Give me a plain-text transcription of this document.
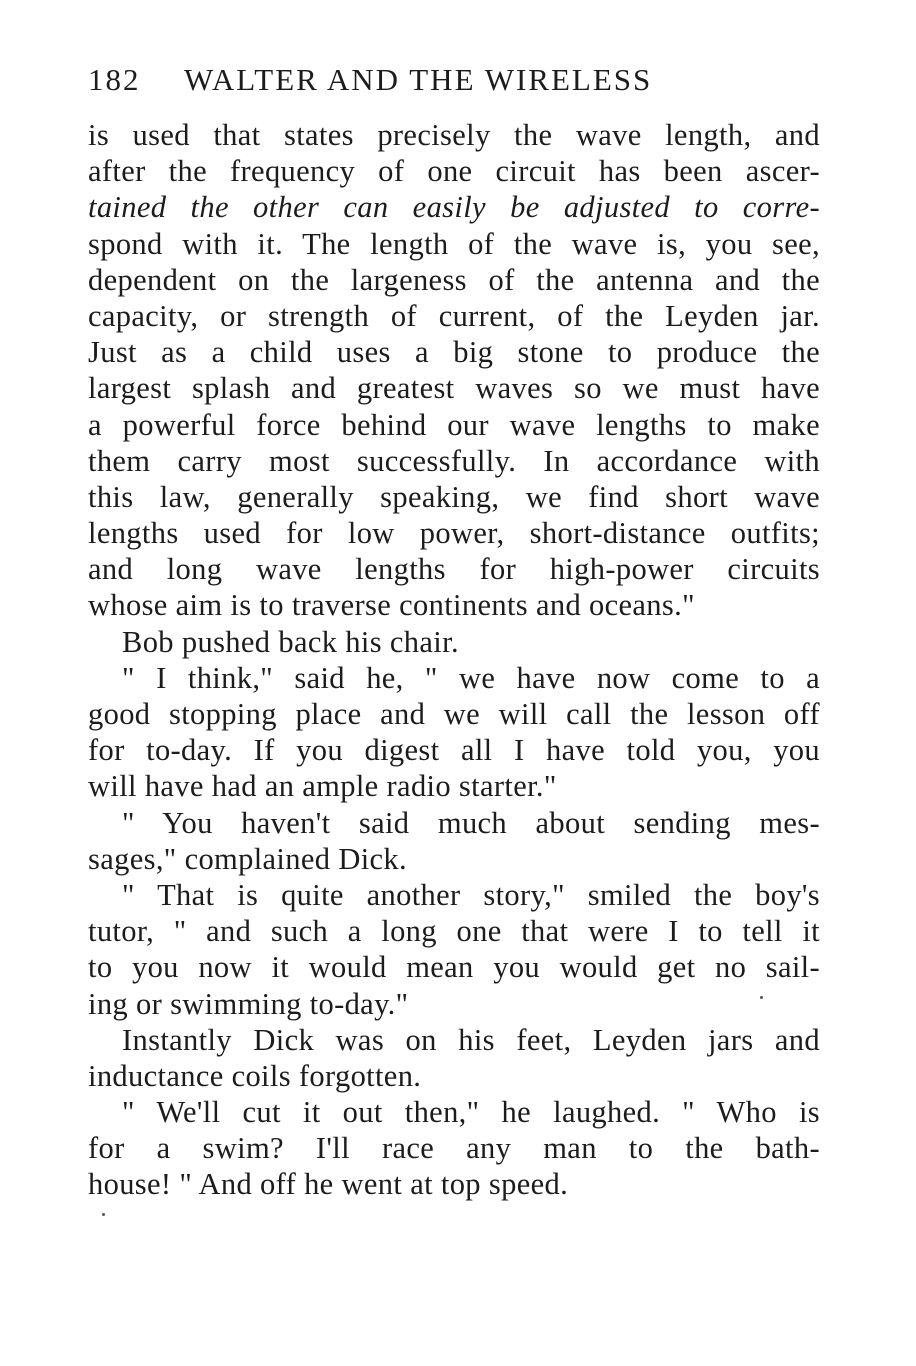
182 WALTER AND THE WIRELESS
is used that states precisely the wave length, and
after the frequency of one circuit has been ascer-
tained the other can easily be adjusted to corre-
spond with it. The length of the wave is, you see,
dependent on the largeness of the antenna and the
capacity, or strength of current, of the Leyden jar.
Just as a child uses a big stone to produce the
largest splash and greatest waves so we must have
a powerful force behind our wave lengths to make
them carry most successfully. In accordance with
this law, generally speaking, we find short wave
lengths used for low power, short-distance outfits;
and long wave lengths for high-power circuits
whose aim is to traverse continents and oceans."
Bob pushed back his chair.
" I think," said he, " we have now come to a
good stopping place and we will call the lesson off
for to-day. If you digest all I have told you, you
will have had an ample radio starter."
" You haven't said much about sending mes-
sages," complained Dick.
" That is quite another story," smiled the boy's
tutor, " and such a long one that were I to tell it
to you now it would mean you would get no sail-
ing or swimming to-day."
Instantly Dick was on his feet, Leyden jars and
inductance coils forgotten.
" We'll cut it out then," he laughed. " Who is
for a swim? I'll race any man to the bath-
house! " And off he went at top speed.
